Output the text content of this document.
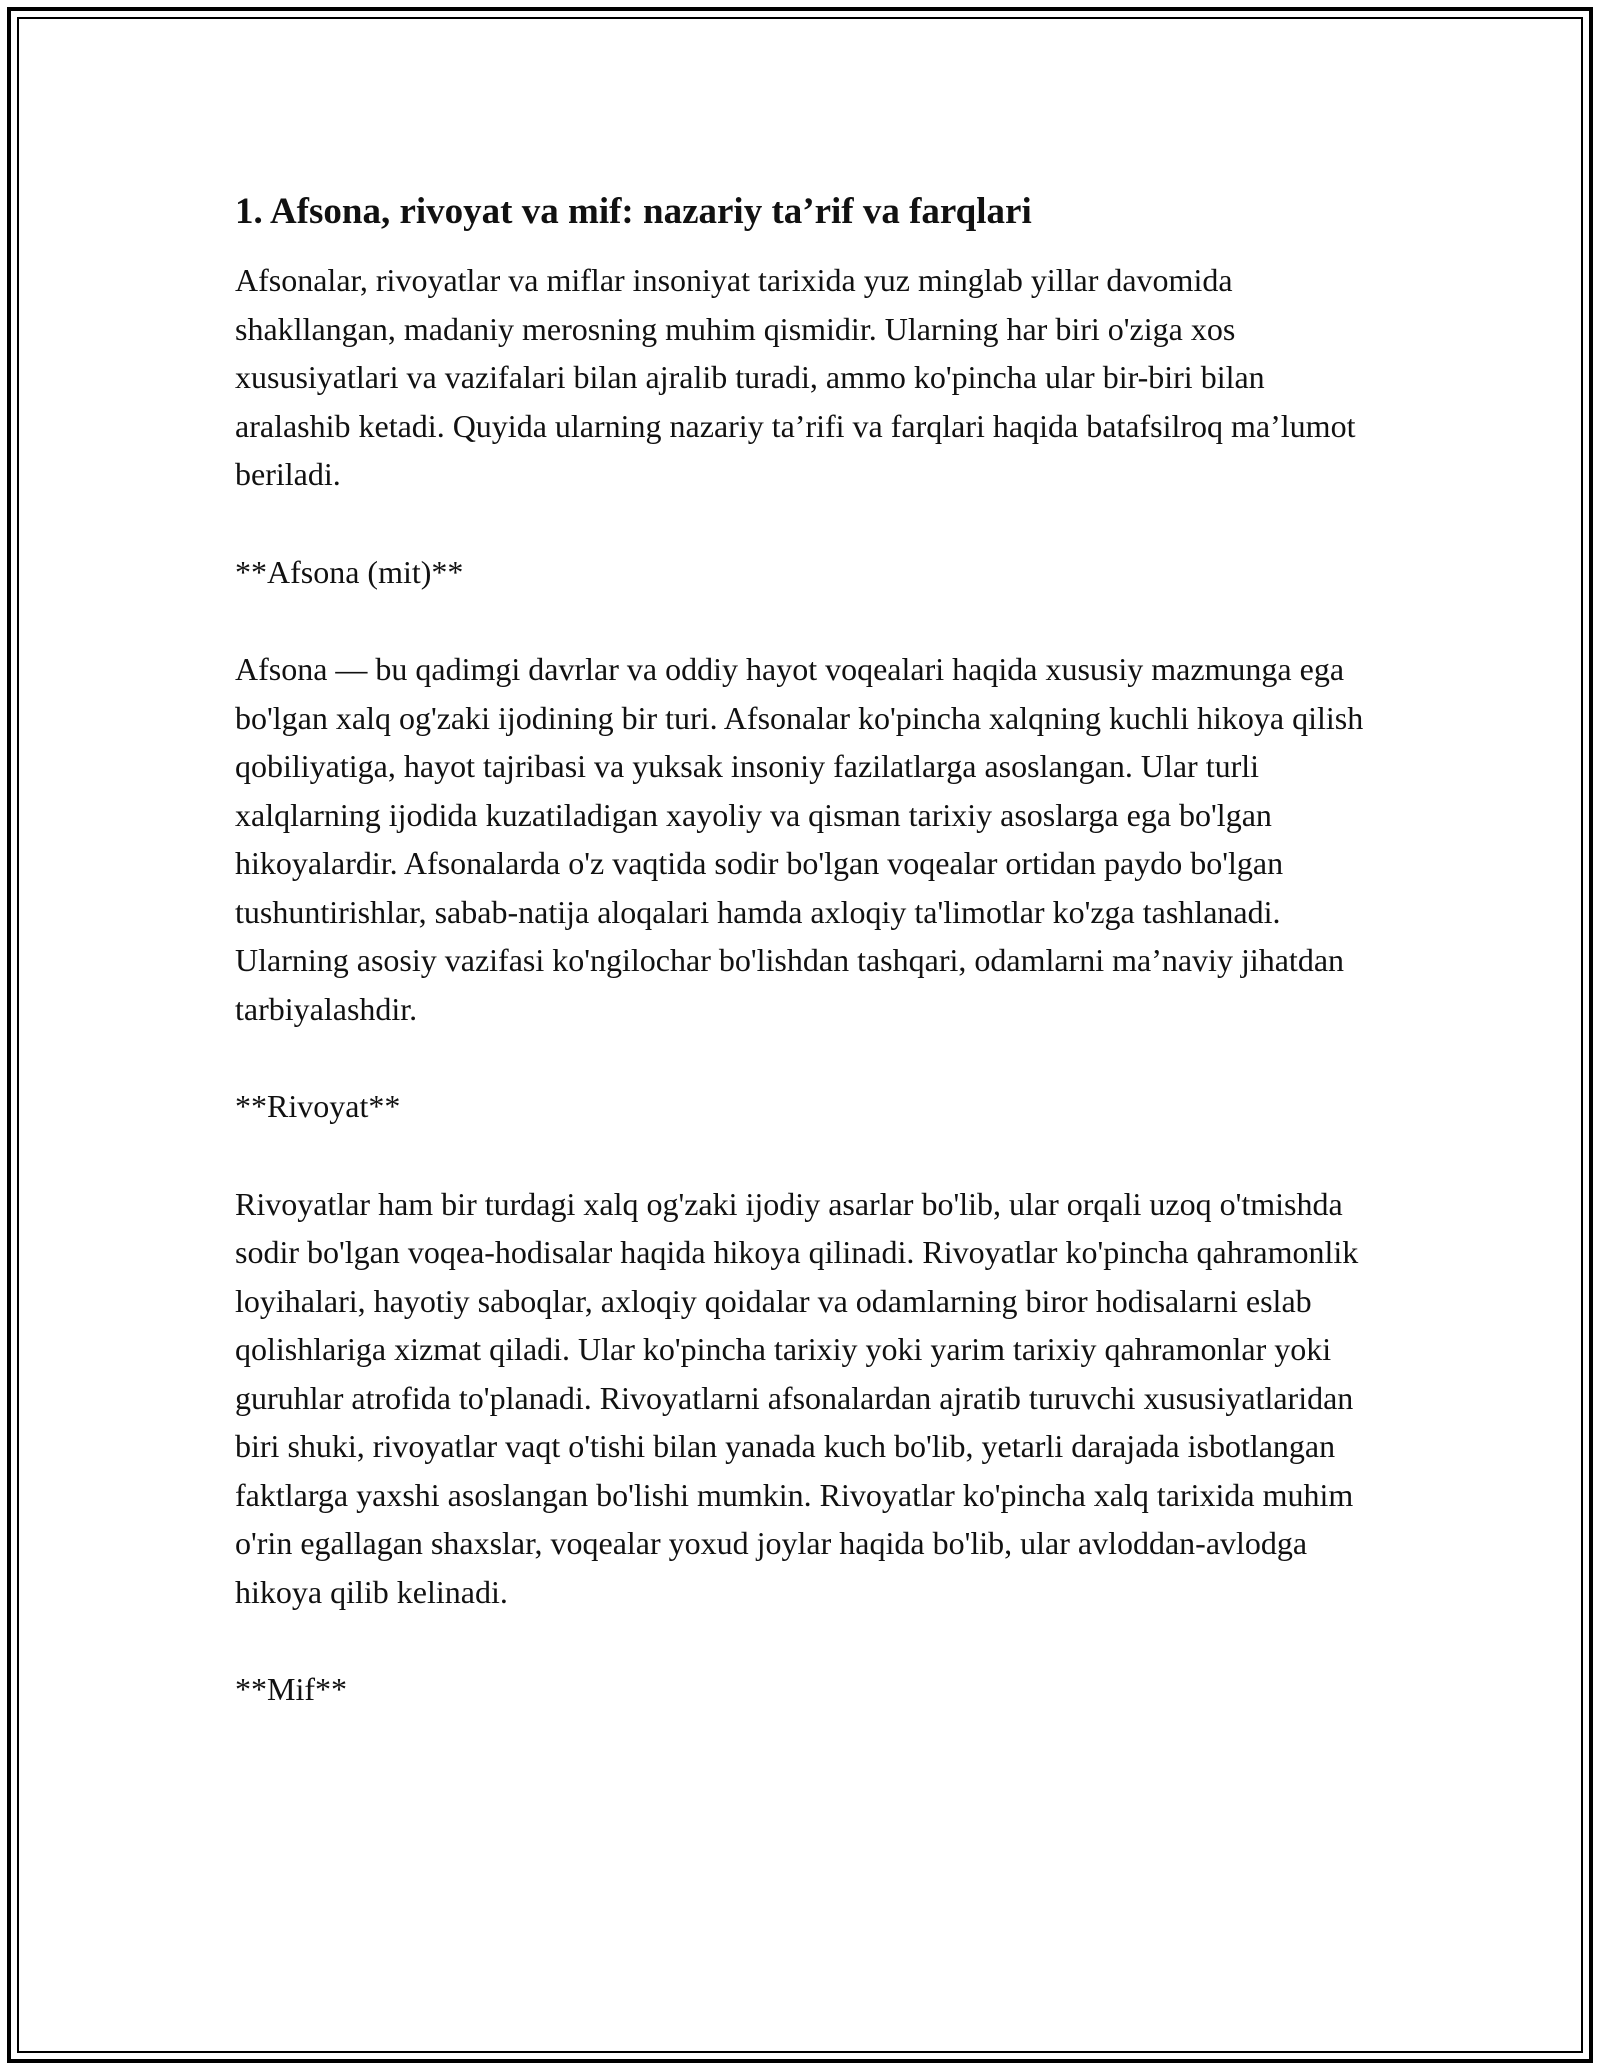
1. Afsona, rivoyat va mif: nazariy ta’rif va farqlari

Afsonalar, rivoyatlar va miflar insoniyat tarixida yuz minglab yillar davomida shakllangan, madaniy merosning muhim qismidir. Ularning har biri o'ziga xos xususiyatlari va vazifalari bilan ajralib turadi, ammo ko'pincha ular bir-biri bilan aralashib ketadi. Quyida ularning nazariy ta’rifi va farqlari haqida batafsilroq ma’lumot beriladi.

**Afsona (mit)**

Afsona — bu qadimgi davrlar va oddiy hayot voqealari haqida xususiy mazmunga ega bo'lgan xalq og'zaki ijodining bir turi. Afsonalar ko'pincha xalqning kuchli hikoya qilish qobiliyatiga, hayot tajribasi va yuksak insoniy fazilatlarga asoslangan. Ular turli xalqlarning ijodida kuzatiladigan xayoliy va qisman tarixiy asoslarga ega bo'lgan hikoyalardir. Afsonalarda o'z vaqtida sodir bo'lgan voqealar ortidan paydo bo'lgan tushuntirishlar, sabab-natija aloqalari hamda axloqiy ta'limotlar ko'zga tashlanadi. Ularning asosiy vazifasi ko'ngilochar bo'lishdan tashqari, odamlarni ma’naviy jihatdan tarbiyalashdir.

**Rivoyat**

Rivoyatlar ham bir turdagi xalq og'zaki ijodiy asarlar bo'lib, ular orqali uzoq o'tmishda sodir bo'lgan voqea-hodisalar haqida hikoya qilinadi. Rivoyatlar ko'pincha qahramonlik loyihalari, hayotiy saboqlar, axloqiy qoidalar va odamlarning biror hodisalarni eslab qolishlariga xizmat qiladi. Ular ko'pincha tarixiy yoki yarim tarixiy qahramonlar yoki guruhlar atrofida to'planadi. Rivoyatlarni afsonalardan ajratib turuvchi xususiyatlaridan biri shuki, rivoyatlar vaqt o'tishi bilan yanada kuch bo'lib, yetarli darajada isbotlangan faktlarga yaxshi asoslangan bo'lishi mumkin. Rivoyatlar ko'pincha xalq tarixida muhim o'rin egallagan shaxslar, voqealar yoxud joylar haqida bo'lib, ular avloddan-avlodga hikoya qilib kelinadi.

**Mif**
